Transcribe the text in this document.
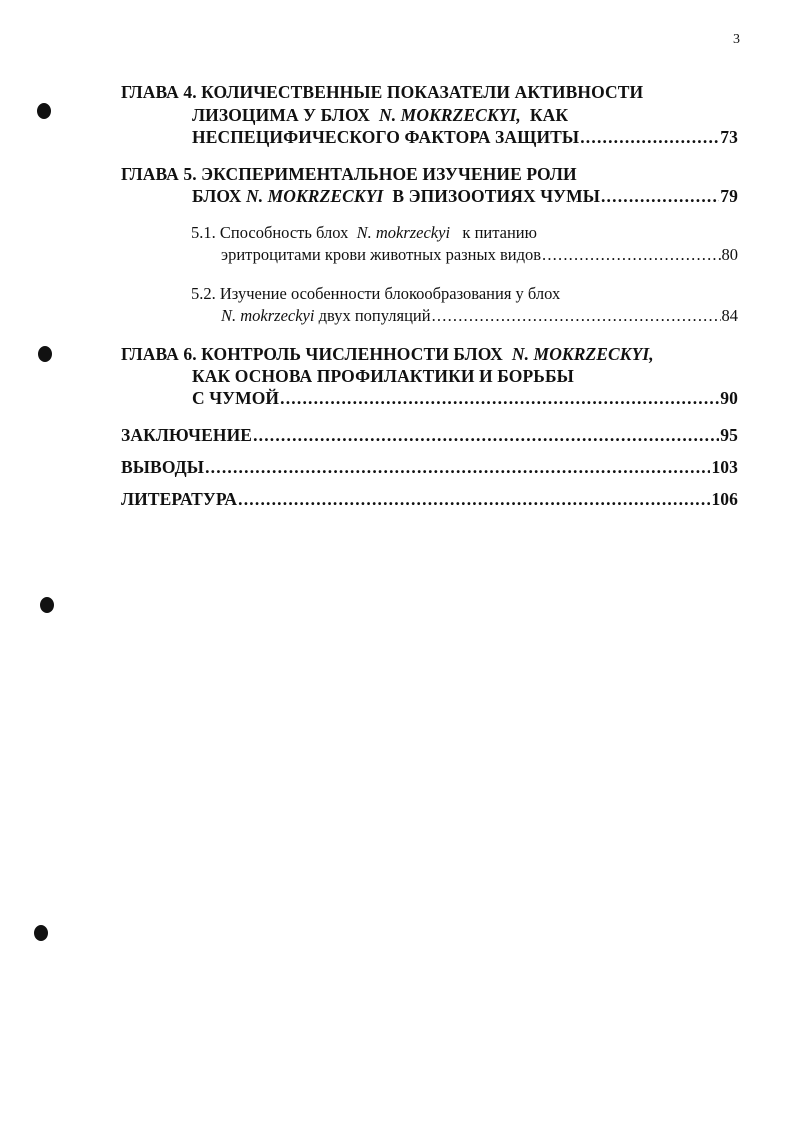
3
ГЛАВА 4. КОЛИЧЕСТВЕННЫЕ ПОКАЗАТЕЛИ АКТИВНОСТИ
ЛИЗОЦИМА У БЛОХ
N. MOKRZECKYI,
КАК
НЕСПЕЦИФИЧЕСКОГО ФАКТОРА ЗАЩИТЫ .....	73
ГЛАВА 5. ЭКСПЕРИМЕНТАЛЬНОЕ ИЗУЧЕНИЕ РОЛИ
БЛОХ
N. MOKRZECKYI
В ЭПИЗООТИЯХ ЧУМЫ .....	79
5.1. Способность блох
N. mokrzeckyi
к питанию
эритроцитами крови животных разных видов .....	80
5.2. Изучение особенности блокообразования у блох
N. mokrzeckyi
двух популяций .....	84
ГЛАВА 6. КОНТРОЛЬ ЧИСЛЕННОСТИ БЛОХ
N. MOKRZECKYI,
КАК ОСНОВА ПРОФИЛАКТИКИ И БОРЬБЫ
С ЧУМОЙ .....	90
ЗАКЛЮЧЕНИЕ .....	95
ВЫВОДЫ .....	103
ЛИТЕРАТУРА .....	106
